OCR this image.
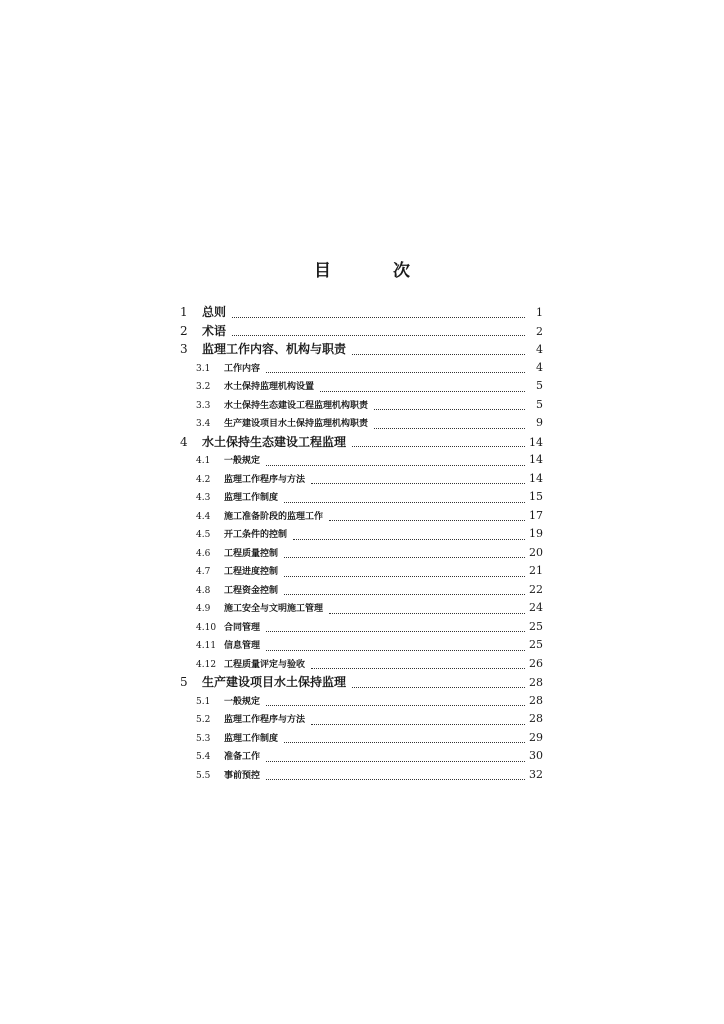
目 次
1	总则	1
2	术语	2
3	监理工作内容、机构与职责	4
3.1	工作内容	4
3.2	水土保持监理机构设置	5
3.3	水土保持生态建设工程监理机构职责	5
3.4	生产建设项目水土保持监理机构职责	9
4	水土保持生态建设工程监理	14
4.1	一般规定	14
4.2	监理工作程序与方法	14
4.3	监理工作制度	15
4.4	施工准备阶段的监理工作	17
4.5	开工条件的控制	19
4.6	工程质量控制	20
4.7	工程进度控制	21
4.8	工程资金控制	22
4.9	施工安全与文明施工管理	24
4.10 合同管理	25
4.11 信息管理	25
4.12 工程质量评定与验收	26
5	生产建设项目水土保持监理	28
5.1	一般规定	28
5.2	监理工作程序与方法	28
5.3	监理工作制度	29
5.4	准备工作	30
5.5	事前预控	32
